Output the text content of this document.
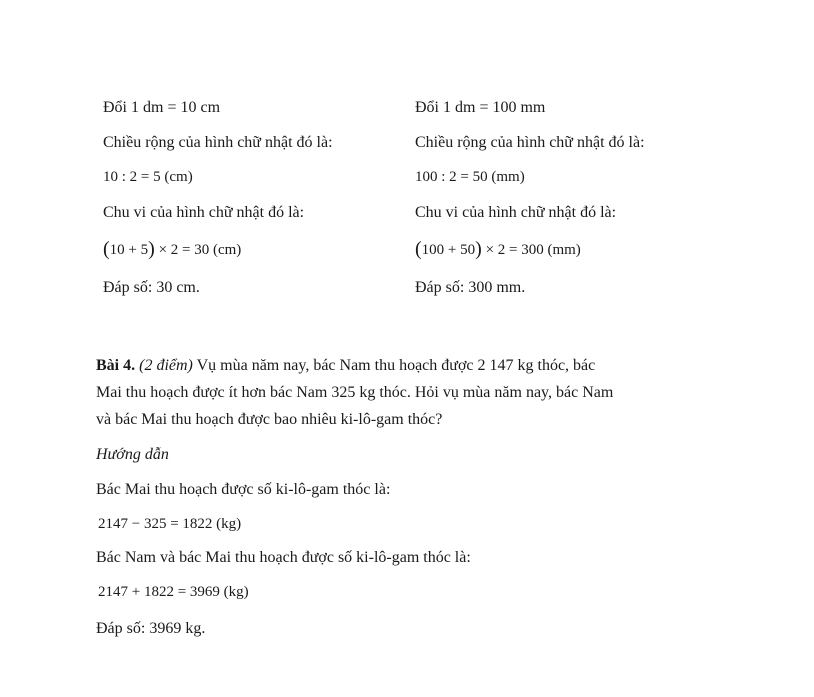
Đổi 1 dm = 10 cm
Chiều rộng của hình chữ nhật đó là:
10 : 2 = 5 (cm)
Chu vi của hình chữ nhật đó là:
(10 + 5) × 2 = 30 (cm)
Đáp số: 30 cm.
Đổi 1 dm = 100 mm
Chiều rộng của hình chữ nhật đó là:
100 : 2 = 50 (mm)
Chu vi của hình chữ nhật đó là:
(100 + 50) × 2 = 300 (mm)
Đáp số: 300 mm.
Bài 4. (2 điểm) Vụ mùa năm nay, bác Nam thu hoạch được 2 147 kg thóc, bác
Mai thu hoạch được ít hơn bác Nam 325 kg thóc. Hỏi vụ mùa năm nay, bác Nam
và bác Mai thu hoạch được bao nhiêu ki-lô-gam thóc?
Hướng dẫn
Bác Mai thu hoạch được số ki-lô-gam thóc là:
2147 − 325 = 1822 (kg)
Bác Nam và bác Mai thu hoạch được số ki-lô-gam thóc là:
2147 + 1822 = 3969 (kg)
Đáp số: 3969 kg.
